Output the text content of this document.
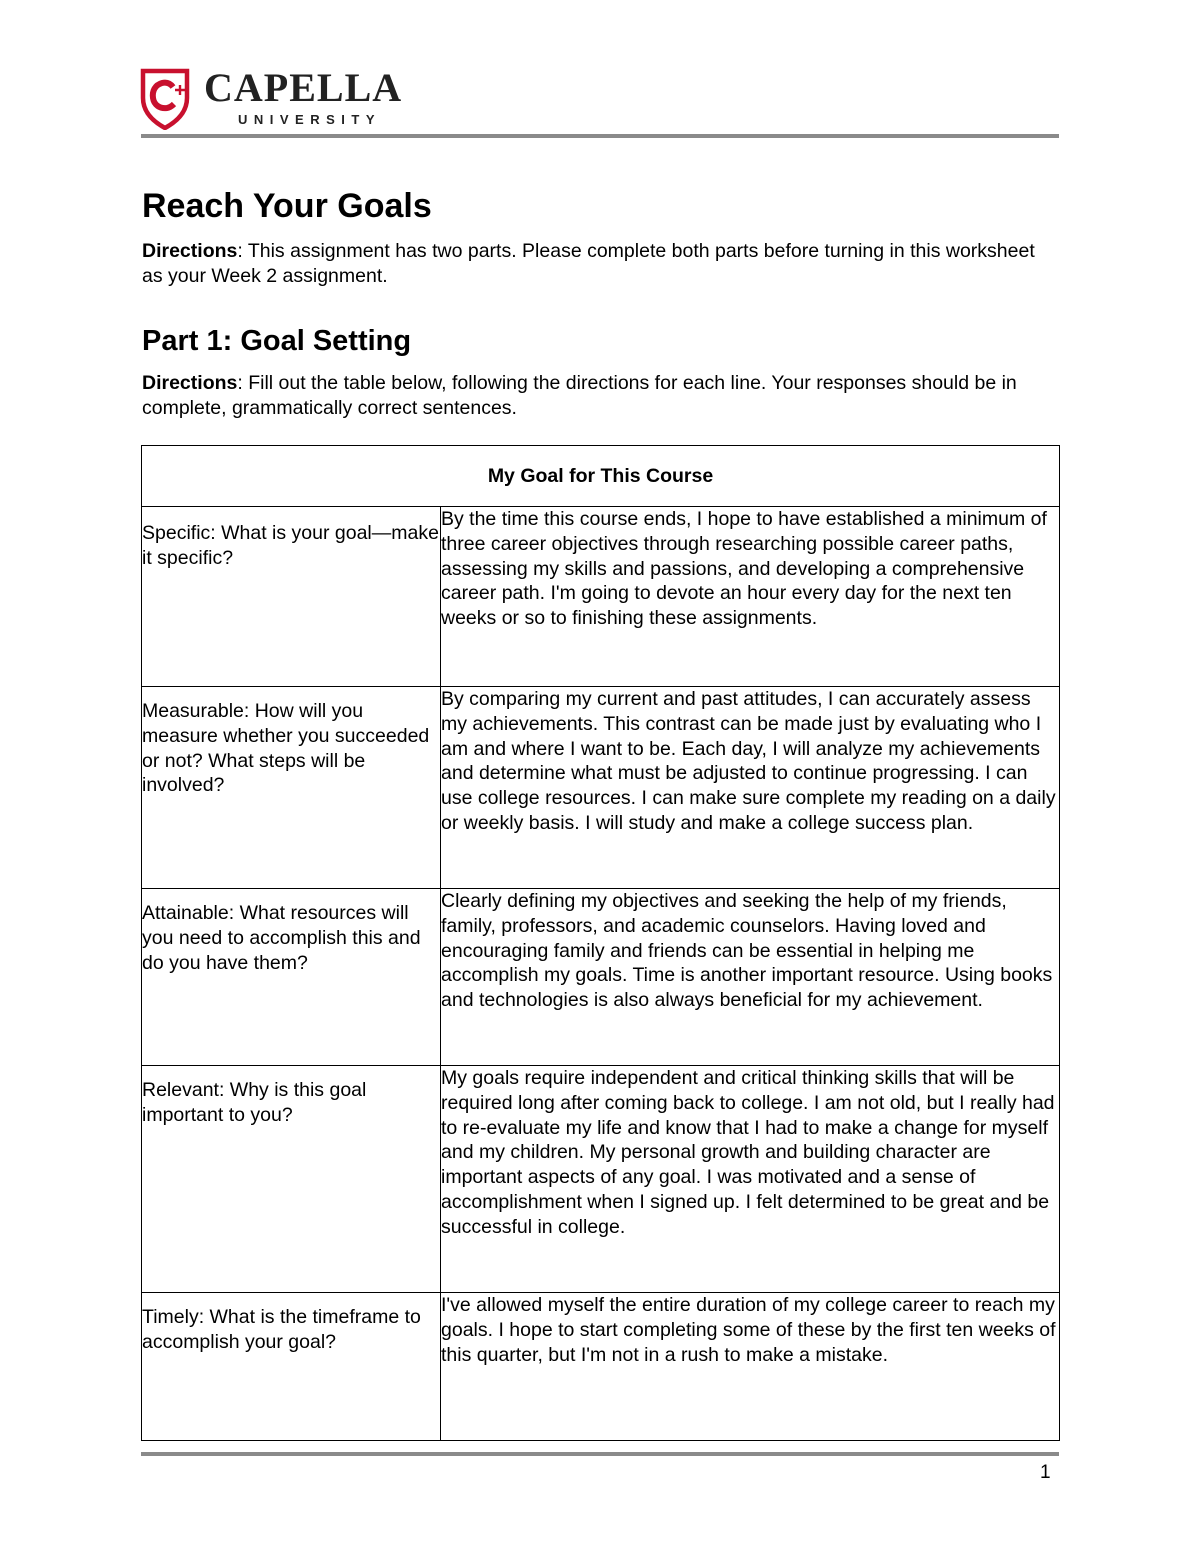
CAPELLA
UNIVERSITY
Reach Your Goals

Directions: This assignment has two parts. Please complete both parts before turning in this worksheet as your Week 2 assignment.

Part 1: Goal Setting

Directions: Fill out the table below, following the directions for each line. Your responses should be in complete, grammatically correct sentences.

My Goal for This Course	
Specific: What is your goal—make it specific?	By the time this course ends, I hope to have established a minimum of three career objectives through researching possible career paths, assessing my skills and passions, and developing a comprehensive career path. I'm going to devote an hour every day for the next ten weeks or so to finishing these assignments.
Measurable: How will you measure whether you succeeded or not? What steps will be involved?	By comparing my current and past attitudes, I can accurately assess my achievements. This contrast can be made just by evaluating who I am and where I want to be. Each day, I will analyze my achievements and determine what must be adjusted to continue progressing. I can use college resources. I can make sure complete my reading on a daily or weekly basis. I will study and make a college success plan.
Attainable: What resources will you need to accomplish this and do you have them?	Clearly defining my objectives and seeking the help of my friends, family, professors, and academic counselors. Having loved and encouraging family and friends can be essential in helping me accomplish my goals. Time is another important resource. Using books and technologies is also always beneficial for my achievement.
Relevant: Why is this goal important to you?	My goals require independent and critical thinking skills that will be required long after coming back to college. I am not old, but I really had to re-evaluate my life and know that I had to make a change for myself and my children. My personal growth and building character are important aspects of any goal. I was motivated and a sense of accomplishment when I signed up. I felt determined to be great and be successful in college.
Timely: What is the timeframe to accomplish your goal?	I've allowed myself the entire duration of my college career to reach my goals. I hope to start completing some of these by the first ten weeks of this quarter, but I'm not in a rush to make a mistake.
1
